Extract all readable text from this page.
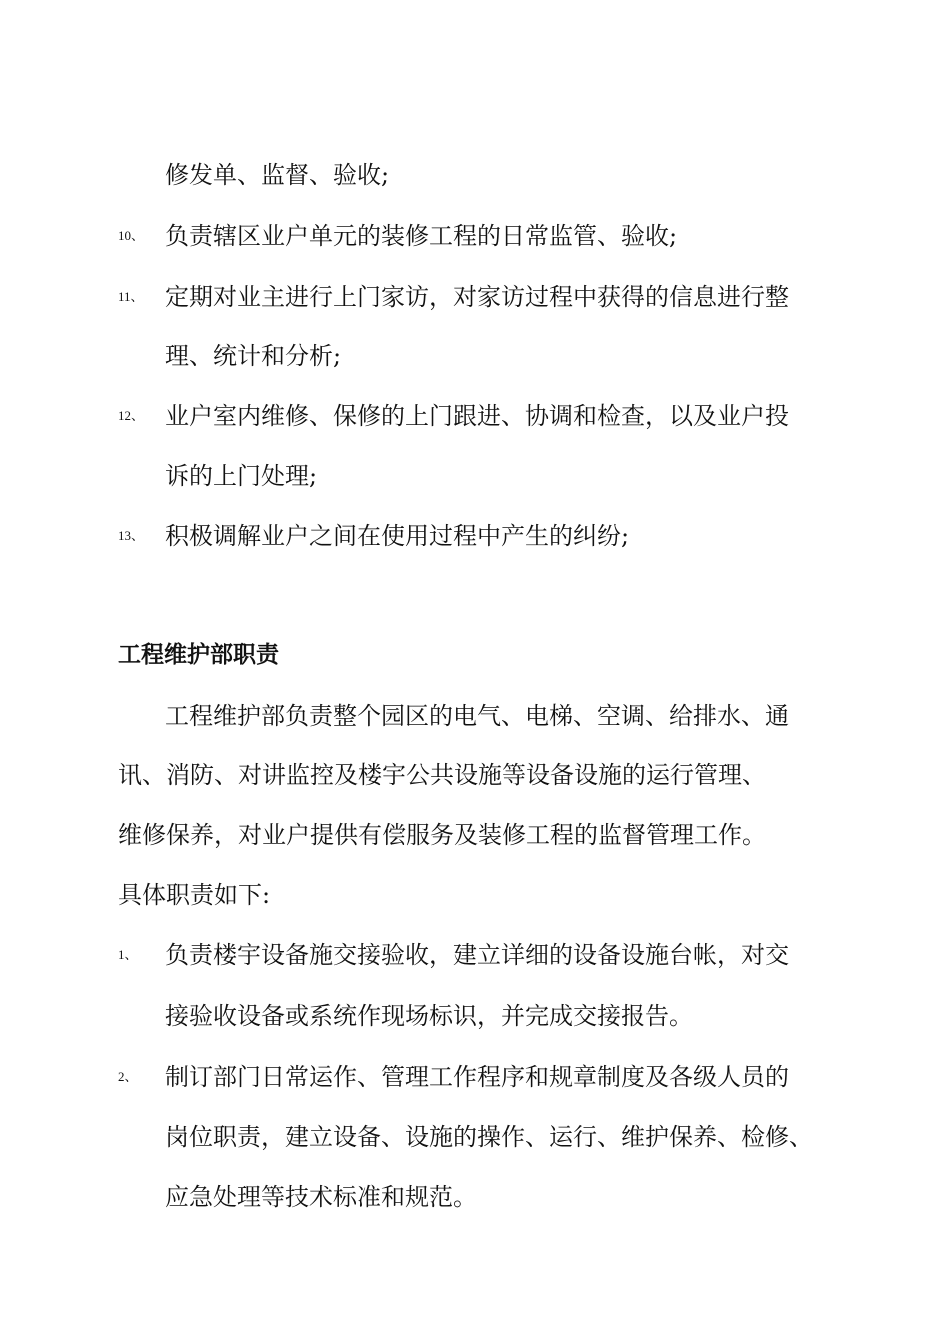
修发单、监督、验收;
10、 负责辖区业户单元的装修工程的日常监管、验收;
11、 定期对业主进行上门家访，对家访过程中获得的信息进行整
理、统计和分析;
12、 业户室内维修、保修的上门跟进、协调和检查，以及业户投
诉的上门处理;
13、 积极调解业户之间在使用过程中产生的纠纷;
工程维护部职责
工程维护部负责整个园区的电气、电梯、空调、给排水、通
讯、消防、对讲监控及楼宇公共设施等设备设施的运行管理、
维修保养，对业户提供有偿服务及装修工程的监督管理工作。
具体职责如下:
1、 负责楼宇设备施交接验收，建立详细的设备设施台帐，对交
接验收设备或系统作现场标识，并完成交接报告。
2、 制订部门日常运作、管理工作程序和规章制度及各级人员的
岗位职责，建立设备、设施的操作、运行、维护保养、检修、
应急处理等技术标准和规范。
